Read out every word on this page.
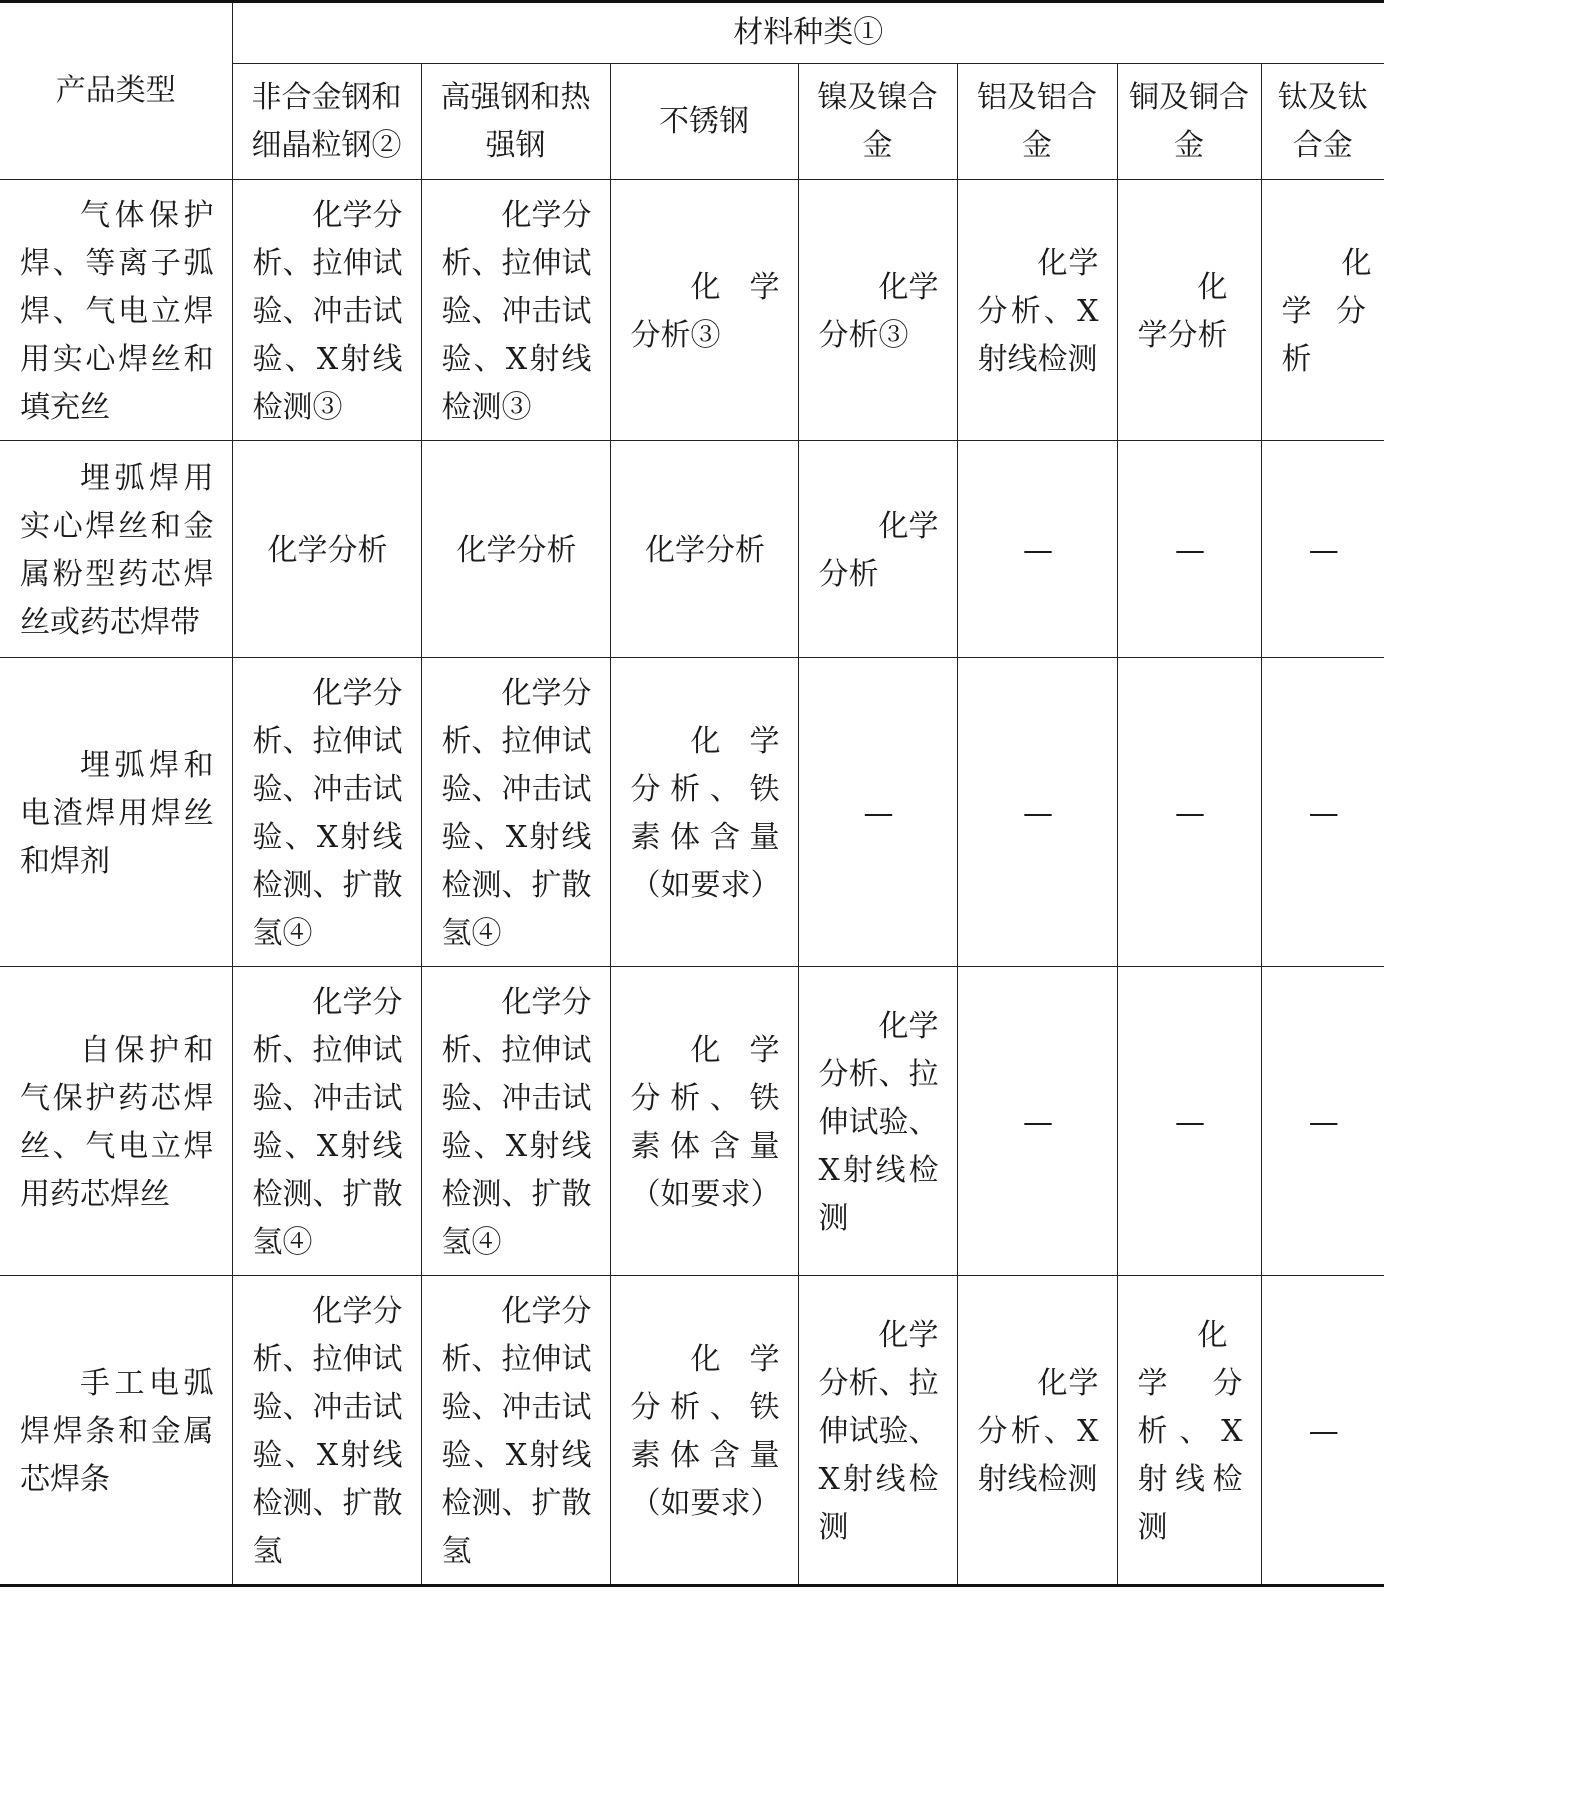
产品类型	材料种类①						
	非合金钢和细晶粒钢②	高强钢和热强钢	不锈钢	镍及镍合金	铝及铝合金	铜及铜合金	钛及钛合金
气体保护焊、等离子弧焊、气电立焊用实心焊丝和填充丝	化学分析、拉伸试验、冲击试验、X射线检测③	化学分析、拉伸试验、冲击试验、X射线检测③	化学分析③	化学分析③	化学分析、X射线检测	化学分析	化学分析
埋弧焊用实心焊丝和金属粉型药芯焊丝或药芯焊带	化学分析	化学分析	化学分析	化学分析	—	—	—
埋弧焊和电渣焊用焊丝和焊剂	化学分析、拉伸试验、冲击试验、X射线检测、扩散氢④	化学分析、拉伸试验、冲击试验、X射线检测、扩散氢④	化学分析、铁素体含量（如要求）	—	—	—	—
自保护和气保护药芯焊丝、气电立焊用药芯焊丝	化学分析、拉伸试验、冲击试验、X射线检测、扩散氢④	化学分析、拉伸试验、冲击试验、X射线检测、扩散氢④	化学分析、铁素体含量（如要求）	化学分析、拉伸试验、X射线检测	—	—	—
手工电弧焊焊条和金属芯焊条	化学分析、拉伸试验、冲击试验、X射线检测、扩散氢	化学分析、拉伸试验、冲击试验、X射线检测、扩散氢	化学分析、铁素体含量（如要求）	化学分析、拉伸试验、X射线检测	化学分析、X射线检测	化学分析、X射线检测	—
